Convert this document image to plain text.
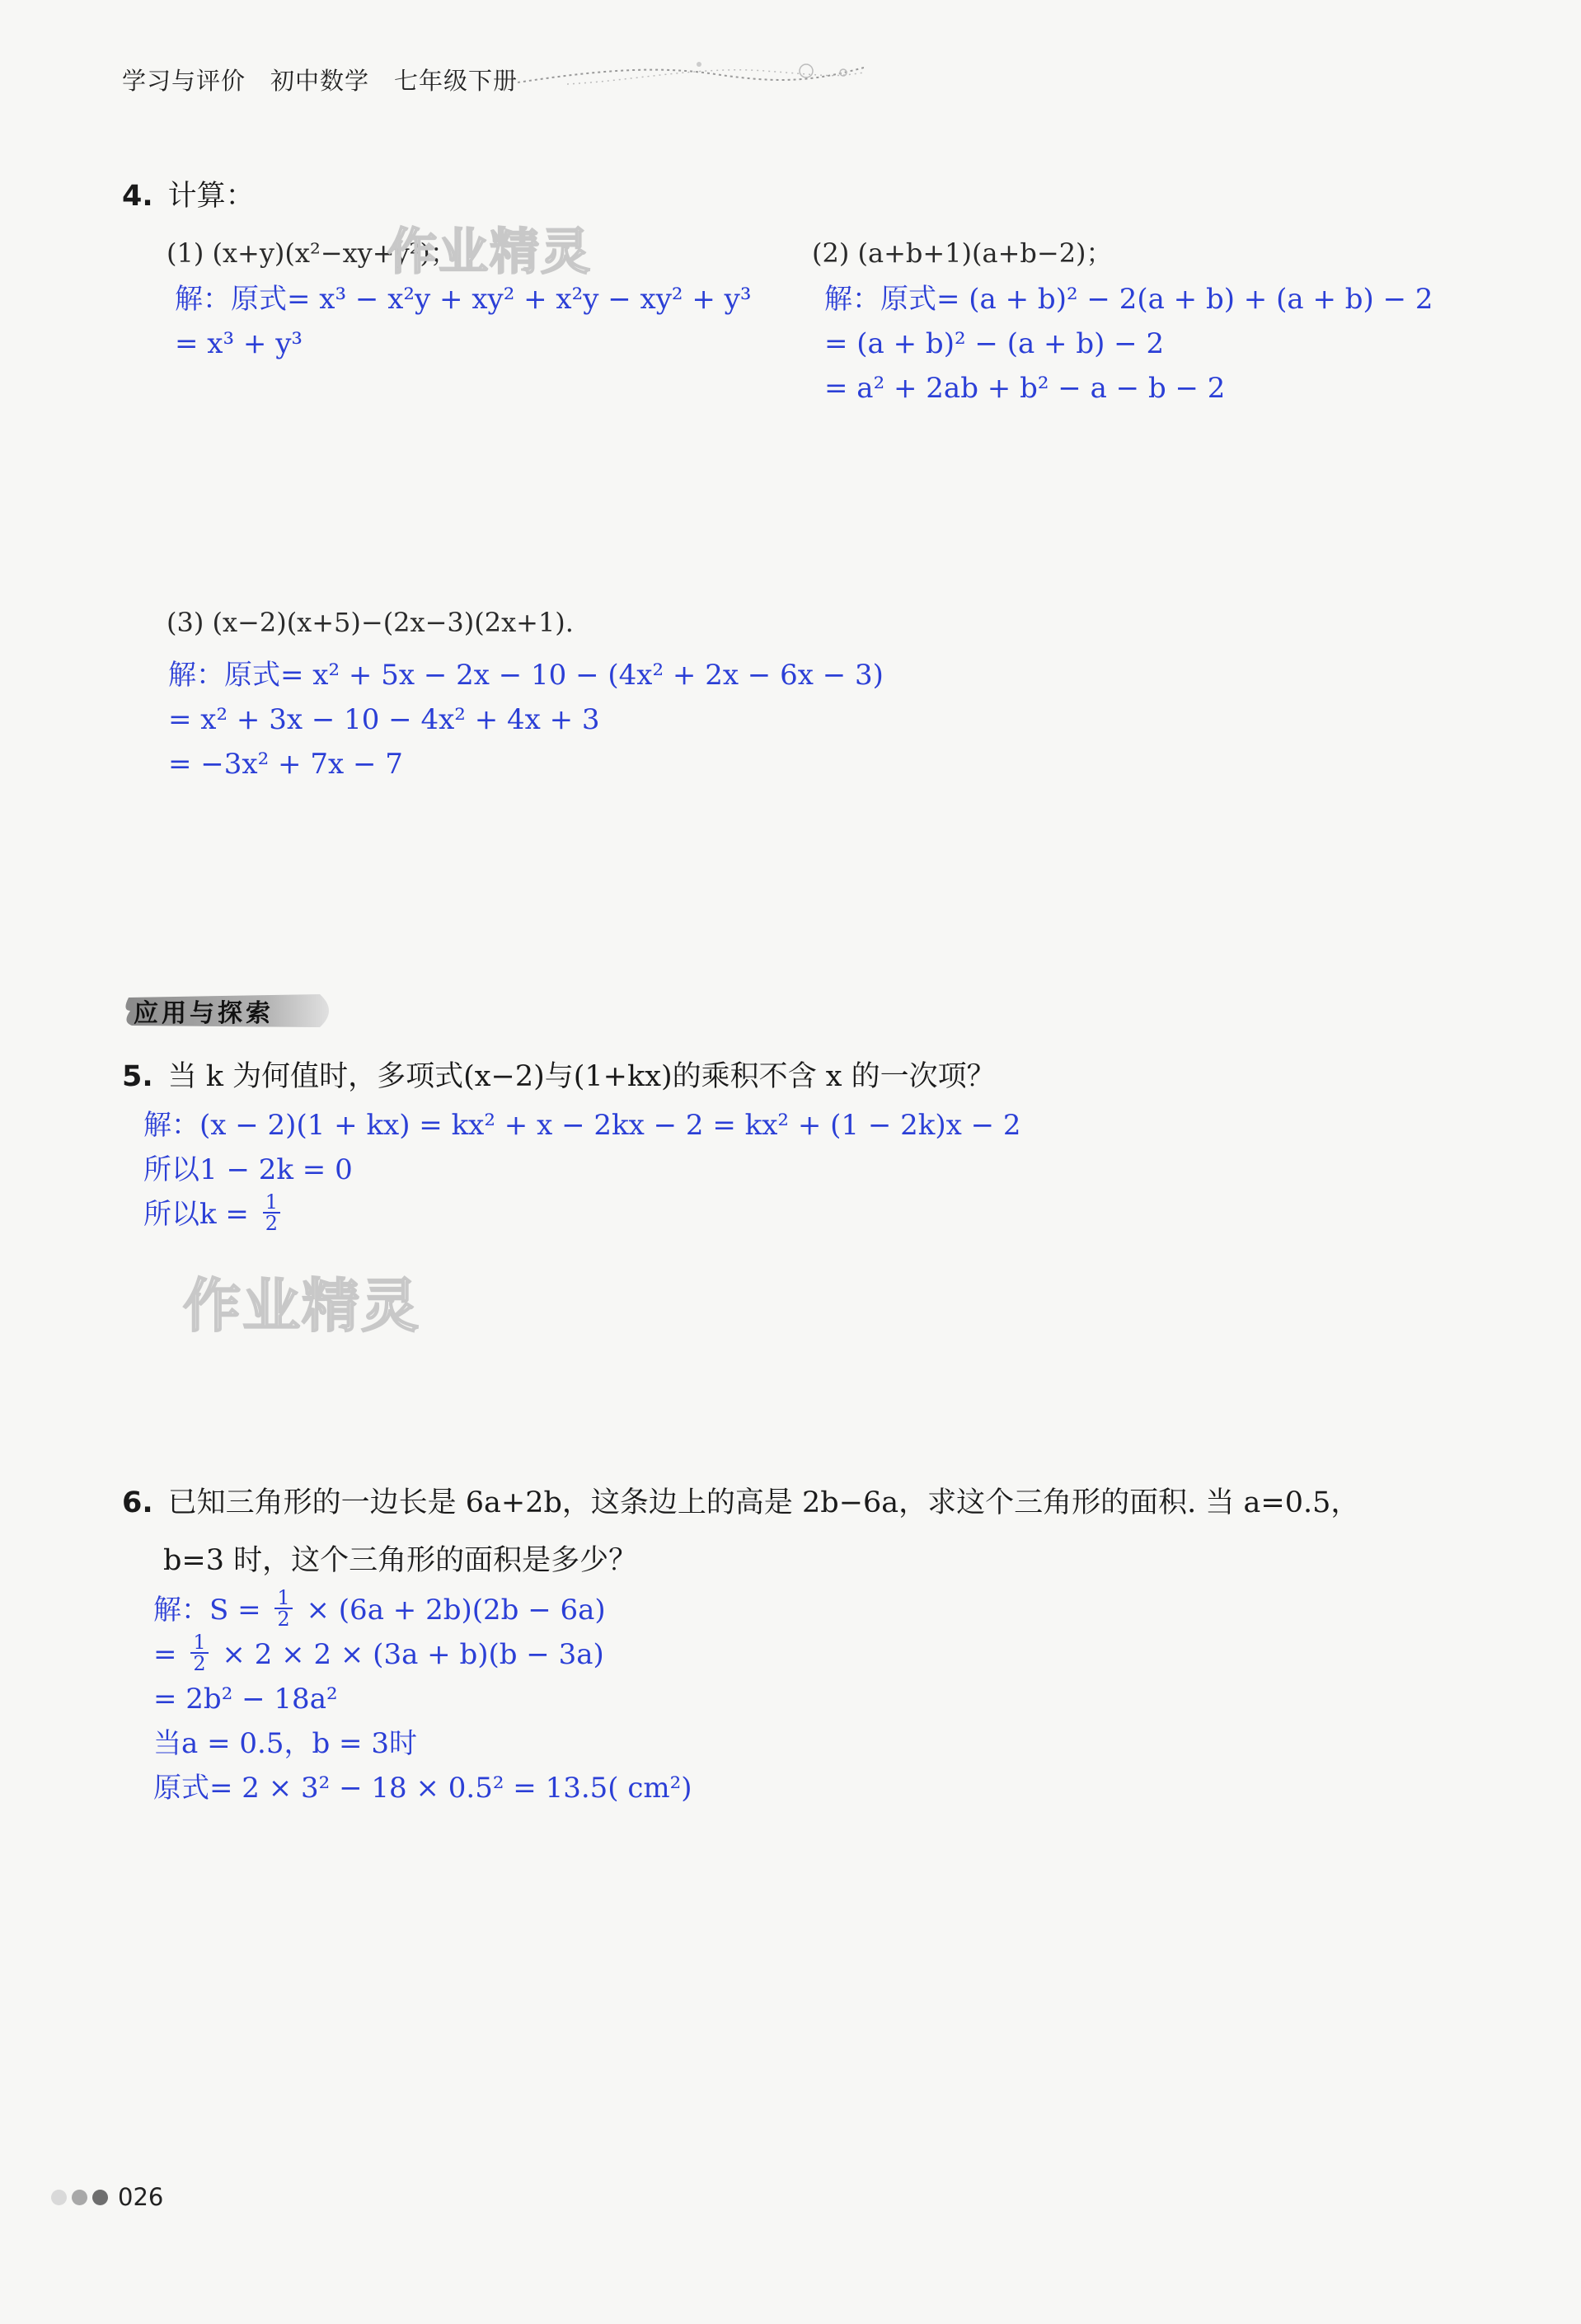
学习与评价　初中数学　七年级下册
4. 计算：
(1) (x+y)(x²−xy+y²)；
作业精灵
解：原式= x³ − x²y + xy² + x²y − xy² + y³
= x³ + y³
(2) (a+b+1)(a+b−2)；
解：原式= (a + b)² − 2(a + b) + (a + b) − 2
= (a + b)² − (a + b) − 2
= a² + 2ab + b² − a − b − 2
(3) (x−2)(x+5)−(2x−3)(2x+1).
解：原式= x² + 5x − 2x − 10 − (4x² + 2x − 6x − 3)
= x² + 3x − 10 − 4x² + 4x + 3
= −3x² + 7x − 7
应用与探索
5. 当 k 为何值时，多项式(x−2)与(1+kx)的乘积不含 x 的一次项？
解：(x − 2)(1 + kx) = kx² + x − 2kx − 2 = kx² + (1 − 2k)x − 2
所以1 − 2k = 0
所以$k = \frac{1}{2}$
作业精灵
6. 已知三角形的一边长是 6a+2b，这条边上的高是 2b−6a，求这个三角形的面积. 当 a=0.5，
b=3 时，这个三角形的面积是多少？
解：$S = \frac{1}{2} \times (6a + 2b)(2b - 6a)$
= $\frac{1}{2} \times 2 \times 2 \times (3a + b)(b - 3a)$
= 2b² − 18a²
当a = 0.5，b = 3时
原式= 2 × 3² − 18 × 0.5² = 13.5( cm²)
026
